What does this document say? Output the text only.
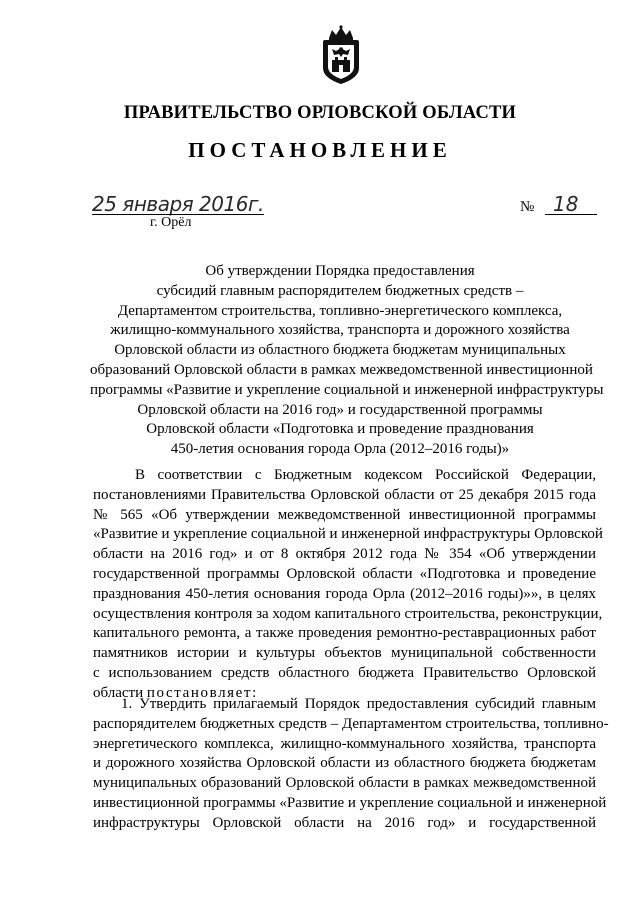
ПРАВИТЕЛЬСТВО ОРЛОВСКОЙ ОБЛАСТИ
ПОСТАНОВЛЕНИЕ
25 января 2016г.
г. Орёл
№ 18
Об утверждении Порядка предоставления
субсидий главным распорядителем бюджетных средств –
Департаментом строительства, топливно-энергетического комплекса,
жилищно-коммунального хозяйства, транспорта и дорожного хозяйства
Орловской области из областного бюджета бюджетам муниципальных
образований Орловской области в рамках межведомственной инвестиционной
программы «Развитие и укрепление социальной и инженерной инфраструктуры
Орловской области на 2016 год» и государственной программы
Орловской области «Подготовка и проведение празднования
450-летия основания города Орла (2012–2016 годы)»
В соответствии с Бюджетным кодексом Российской Федерации,
постановлениями Правительства Орловской области от 25 декабря 2015 года
№ 565 «Об утверждении межведомственной инвестиционной программы
«Развитие и укрепление социальной и инженерной инфраструктуры Орловской
области на 2016 год» и от 8 октября 2012 года № 354 «Об утверждении
государственной программы Орловской области «Подготовка и проведение
празднования 450-летия основания города Орла (2012–2016 годы)»», в целях
осуществления контроля за ходом капитального строительства, реконструкции,
капитального ремонта, а также проведения ремонтно-реставрационных работ
памятников истории и культуры объектов муниципальной собственности
с использованием средств областного бюджета Правительство Орловской
области постановляет:
1. Утвердить прилагаемый Порядок предоставления субсидий главным
распорядителем бюджетных средств – Департаментом строительства, топливно-
энергетического комплекса, жилищно-коммунального хозяйства, транспорта
и дорожного хозяйства Орловской области из областного бюджета бюджетам
муниципальных образований Орловской области в рамках межведомственной
инвестиционной программы «Развитие и укрепление социальной и инженерной
инфраструктуры Орловской области на 2016 год» и государственной
